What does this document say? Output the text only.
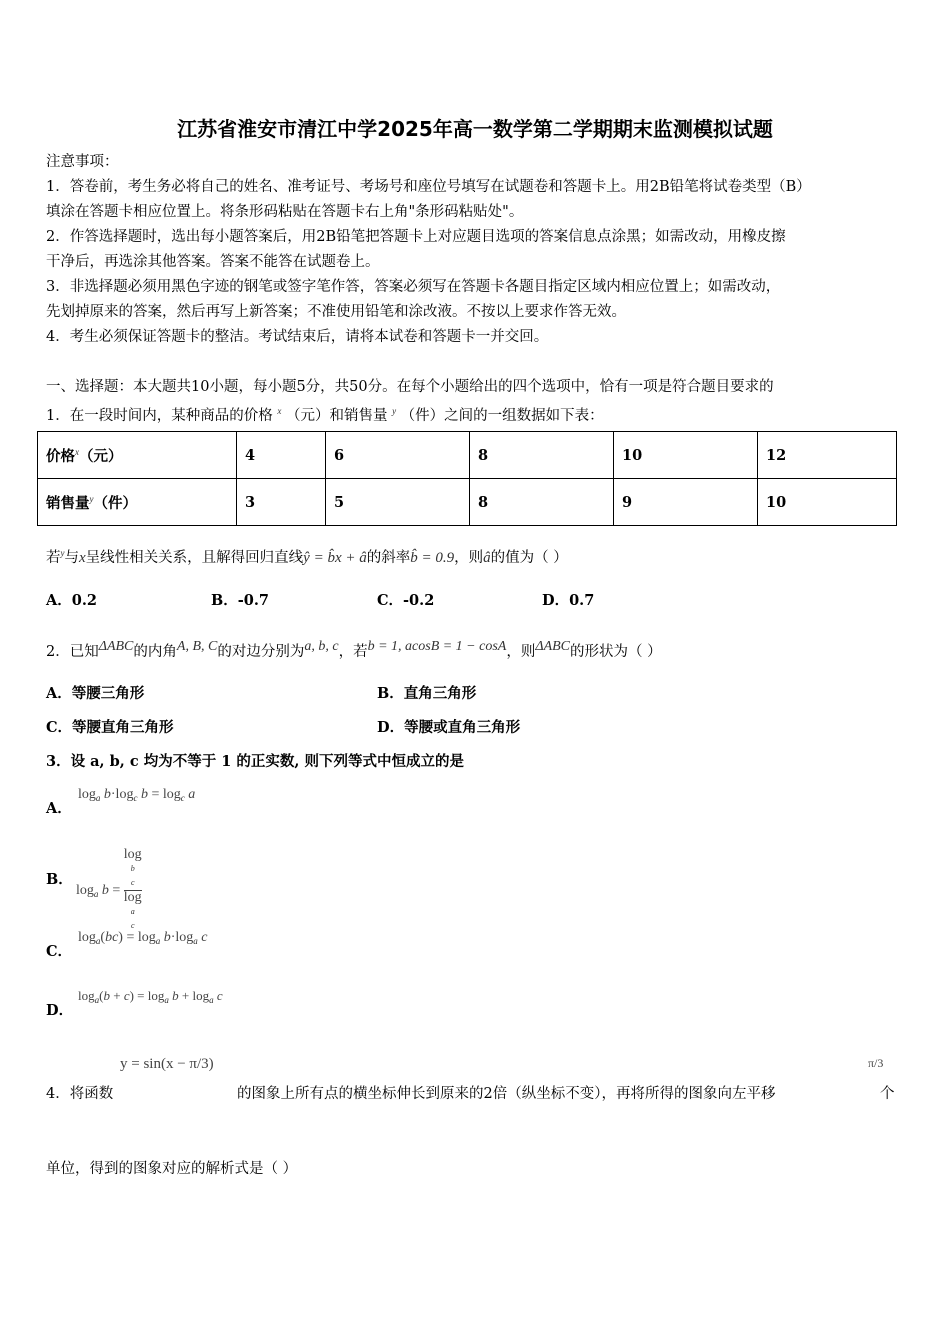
江苏省淮安市清江中学2025年高一数学第二学期期末监测模拟试题
注意事项：
1．答卷前，考生务必将自己的姓名、准考证号、考场号和座位号填写在试题卷和答题卡上。用2B铅笔将试卷类型（B）
填涂在答题卡相应位置上。将条形码粘贴在答题卡右上角"条形码粘贴处"。
2．作答选择题时，选出每小题答案后，用2B铅笔把答题卡上对应题目选项的答案信息点涂黑；如需改动，用橡皮擦
干净后，再选涂其他答案。答案不能答在试题卷上。
3．非选择题必须用黑色字迹的钢笔或签字笔作答，答案必须写在答题卡各题目指定区域内相应位置上；如需改动，
先划掉原来的答案，然后再写上新答案；不准使用铅笔和涂改液。不按以上要求作答无效。
4．考生必须保证答题卡的整洁。考试结束后，请将本试卷和答题卡一并交回。
一、选择题：本大题共10小题，每小题5分，共50分。在每个小题给出的四个选项中，恰有一项是符合题目要求的
1．在一段时间内，某种商品的价格 $^x$ （元）和销售量 $^y$ （件）之间的一组数据如下表：
价格$^x$（元）	4	6	8	10	12
销售量$^y$（件）	3	5	8	9	10
若$^y$与x呈线性相关关系，且解得回归直线ŷ = b̂x + â的斜率b̂ = 0.9，则â的值为（ ）
A．0.2	B．-0.7	C．-0.2	D．0.7
2．已知ΔABC的内角A, B, C的对边分别为a, b, c，若b = 1, acosB = 1 − cosA，则ΔABC的形状为（ ）
A．等腰三角形	B．直角三角形
C．等腰直角三角形	D．等腰或直角三角形
3．设 a, b, c 均为不等于 1 的正实数, 则下列等式中恒成立的是
A．
$\log_a b\cdot\log_c$ $b = \log_c a$
B．
$\log_a b = \log$
b
c
log
a
c
C．
$\log_a(bc) = \log_a b\cdot\log_a$ c
D．
$\log_a(b + c) = \log_a b + \log_a c$
y = sin(x − π/3)
4．将函数	的图象上所有点的横坐标伸长到原来的2倍（纵坐标不变），再将所得的图象向左平移
π/3
个
单位，得到的图象对应的解析式是（ ）
